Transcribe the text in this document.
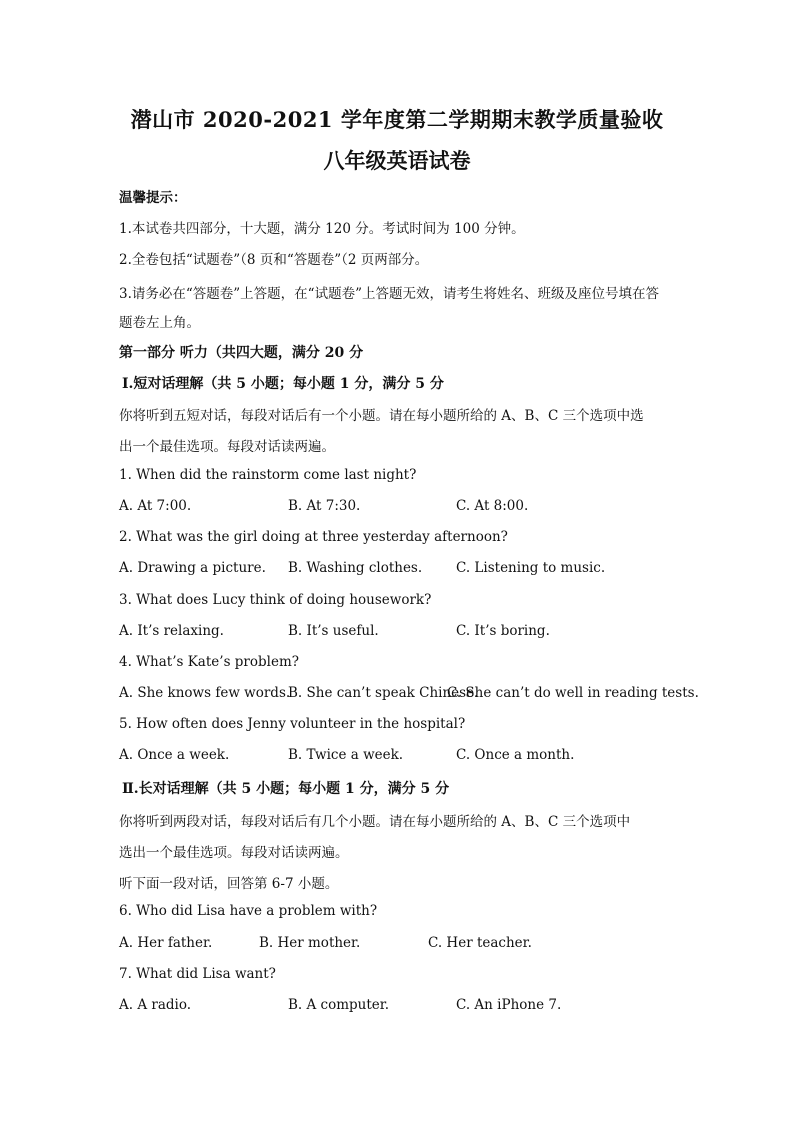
潜山市 2020-2021 学年度第二学期期末教学质量验收
八年级英语试卷
温馨提示：
1.本试卷共四部分，十大题，满分 120 分。考试时间为 100 分钟。
2.全卷包括“试题卷”（8 页和“答题卷”（2 页两部分。
3.请务必在“答题卷”上答题，在“试题卷”上答题无效，请考生将姓名、班级及座位号填在答
题卷左上角。
第一部分 听力（共四大题，满分 20 分
Ⅰ.短对话理解（共 5 小题；每小题 1 分，满分 5 分
你将听到五短对话，每段对话后有一个小题。请在每小题所给的 A、B、C 三个选项中选
出一个最佳选项。每段对话读两遍。
1. When did the rainstorm come last night?
A. At 7:00.	B. At 7:30.	C. At 8:00.
2. What was the girl doing at three yesterday afternoon?
A. Drawing a picture. B. Washing clothes.	C. Listening to music.
3. What does Lucy think of doing housework?
A. It’s relaxing.	B. It’s useful.	C. It’s boring.
4. What’s Kate’s problem?
A. She knows few words.
B. She can’t speak Chinese.
C. She can’t do well in reading tests.
5. How often does Jenny volunteer in the hospital?
A. Once a week.	B. Twice a week.	C. Once a month.
Ⅱ.长对话理解（共 5 小题；每小题 1 分，满分 5 分
你将听到两段对话，每段对话后有几个小题。请在每小题所给的 A、B、C 三个选项中
选出一个最佳选项。每段对话读两遍。
听下面一段对话，回答第 6-7 小题。
6. Who did Lisa have a problem with?
A. Her father.	B. Her mother.	C. Her teacher.
7. What did Lisa want?
A. A radio.	B. A computer.	C. An iPhone 7.
